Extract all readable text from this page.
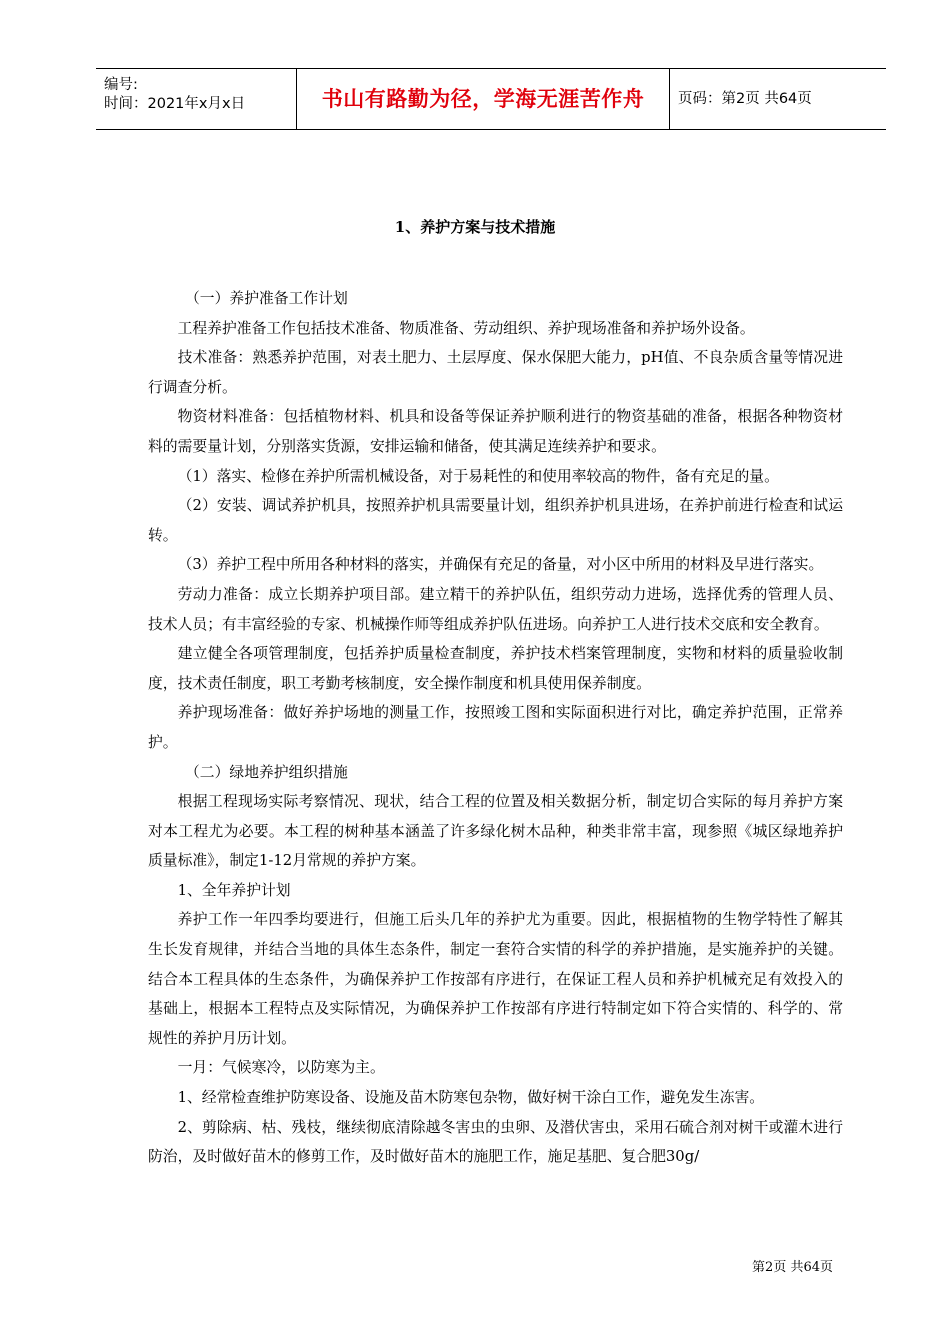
编号:
时间：2021年x月x日	书山有路勤为径，学海无涯苦作舟	页码：第2页 共64页
1、养护方案与技术措施

（一）养护准备工作计划

工程养护准备工作包括技术准备、物质准备、劳动组织、养护现场准备和养护场外设备。

技术准备：熟悉养护范围，对表土肥力、土层厚度、保水保肥大能力，pH值、不良杂质含量等情况进行调查分析。

物资材料准备：包括植物材料、机具和设备等保证养护顺利进行的物资基础的准备，根据各种物资材料的需要量计划，分别落实货源，安排运输和储备，使其满足连续养护和要求。

（1）落实、检修在养护所需机械设备，对于易耗性的和使用率较高的物件，备有充足的量。

（2）安装、调试养护机具，按照养护机具需要量计划，组织养护机具进场，在养护前进行检查和试运转。

（3）养护工程中所用各种材料的落实，并确保有充足的备量，对小区中所用的材料及早进行落实。

劳动力准备：成立长期养护项目部。建立精干的养护队伍，组织劳动力进场，选择优秀的管理人员、技术人员；有丰富经验的专家、机械操作师等组成养护队伍进场。向养护工人进行技术交底和安全教育。

建立健全各项管理制度，包括养护质量检查制度，养护技术档案管理制度，实物和材料的质量验收制度，技术责任制度，职工考勤考核制度，安全操作制度和机具使用保养制度。

养护现场准备：做好养护场地的测量工作，按照竣工图和实际面积进行对比，确定养护范围，正常养护。

（二）绿地养护组织措施

根据工程现场实际考察情况、现状，结合工程的位置及相关数据分析，制定切合实际的每月养护方案对本工程尤为必要。本工程的树种基本涵盖了许多绿化树木品种，种类非常丰富，现参照《城区绿地养护质量标准》，制定1-12月常规的养护方案。

1、全年养护计划

养护工作一年四季均要进行，但施工后头几年的养护尤为重要。因此，根据植物的生物学特性了解其生长发育规律，并结合当地的具体生态条件，制定一套符合实情的科学的养护措施，是实施养护的关键。结合本工程具体的生态条件，为确保养护工作按部有序进行，在保证工程人员和养护机械充足有效投入的基础上，根据本工程特点及实际情况，为确保养护工作按部有序进行特制定如下符合实情的、科学的、常规性的养护月历计划。

一月：气候寒冷，以防寒为主。

1、经常检查维护防寒设备、设施及苗木防寒包杂物，做好树干涂白工作，避免发生冻害。

2、剪除病、枯、残枝，继续彻底清除越冬害虫的虫卵、及潜伏害虫，采用石硫合剂对树干或灌木进行防治，及时做好苗木的修剪工作，及时做好苗木的施肥工作，施足基肥、复合肥30g/

第2页 共64页
